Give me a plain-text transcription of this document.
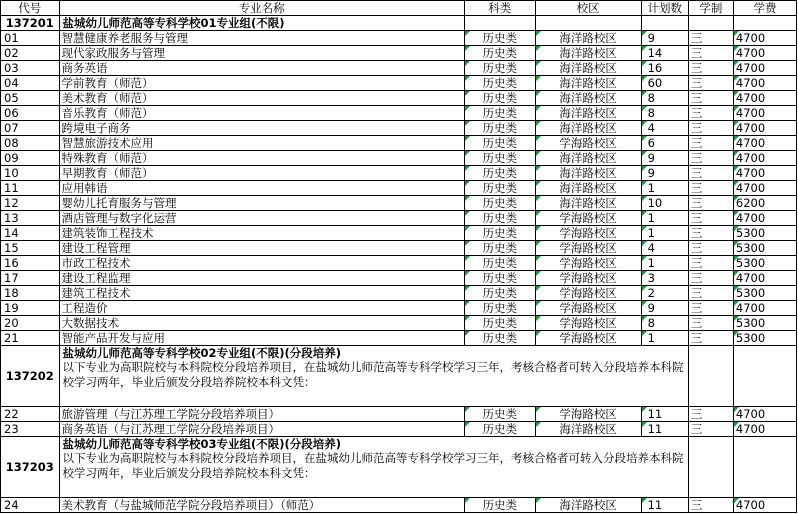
代号	专业名称	科类	校区	计划数	学制	学费
137201	盐城幼儿师范高等专科学校01专业组(不限)					
01	智慧健康养老服务与管理	历史类	海洋路校区	9	三	4700
02	现代家政服务与管理	历史类	海洋路校区	14	三	4700
03	商务英语	历史类	海洋路校区	16	三	4700
04	学前教育（师范）	历史类	海洋路校区	60	三	4700
05	美术教育（师范）	历史类	海洋路校区	8	三	4700
06	音乐教育（师范）	历史类	海洋路校区	8	三	4700
07	跨境电子商务	历史类	海洋路校区	4	三	4700
08	智慧旅游技术应用	历史类	学海路校区	6	三	4700
09	特殊教育（师范）	历史类	海洋路校区	9	三	4700
10	早期教育（师范）	历史类	海洋路校区	9	三	4700
11	应用韩语	历史类	海洋路校区	1	三	4700
12	婴幼儿托育服务与管理	历史类	海洋路校区	10	三	6200
13	酒店管理与数字化运营	历史类	学海路校区	1	三	4700
14	建筑装饰工程技术	历史类	学海路校区	1	三	5300
15	建设工程管理	历史类	学海路校区	4	三	5300
16	市政工程技术	历史类	学海路校区	1	三	5300
17	建设工程监理	历史类	学海路校区	3	三	4700
18	建筑工程技术	历史类	学海路校区	2	三	5300
19	工程造价	历史类	学海路校区	9	三	4700
20	大数据技术	历史类	学海路校区	8	三	5300
21	智能产品开发与应用	历史类	学海路校区	1	三	5300
137202	盐城幼儿师范高等专科学校02专业组(不限)(分段培养)
以下专业为高职院校与本科院校分段培养项目，在盐城幼儿师范高等专科学校学习三年，考核合格者可转入分段培养本科院校学习两年，毕业后颁发分段培养院校本科文凭：					

22	旅游管理（与江苏理工学院分段培养项目）	历史类	学海路校区	11	三	4700
23	商务英语（与江苏理工学院分段培养项目）	历史类	海洋路校区	11	三	4700
137203	盐城幼儿师范高等专科学校03专业组(不限)(分段培养)
以下专业为高职院校与本科院校分段培养项目，在盐城幼儿师范高等专科学校学习三年，考核合格者可转入分段培养本科院校学习两年，毕业后颁发分段培养院校本科文凭：					

24	美术教育（与盐城师范学院分段培养项目）（师范）	历史类	海洋路校区	11	三	4700
